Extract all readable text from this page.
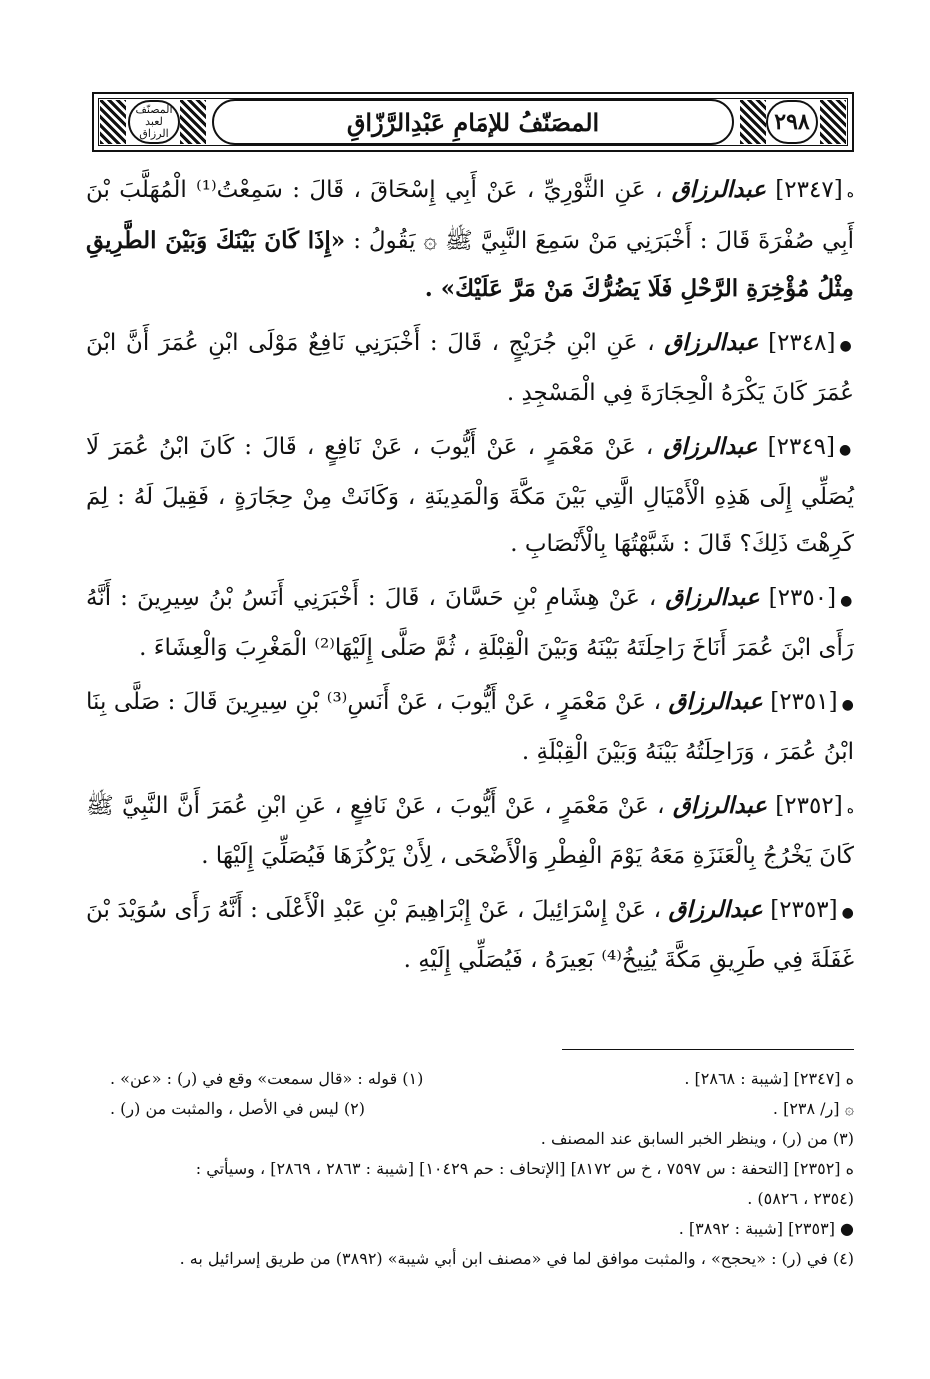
المصنّف لعبد الرزاق	المصَنّفُ للإمَامِ عَبْدِالرَّزّاقِ	٢٩٨

ه[٢٣٤٧] عبدالرزاق ، عَنِ الثَّوْرِيِّ ، عَنْ أَبِي إِسْحَاقَ ، قَالَ : سَمِعْتُ⁽¹⁾ الْمُهَلَّبَ بْنَ أَبِي صُفْرَةَ قَالَ : أَخْبَرَنِي مَنْ سَمِعَ النَّبِيَّ ﷺ ۞ يَقُولُ : «إِذَا كَانَ بَيْنَكَ وَبَيْنَ الطَّرِيقِ مِثْلُ مُؤْخِرَةِ الرَّحْلِ فَلَا يَضُرُّكَ مَنْ مَرَّ عَلَيْكَ» .

●[٢٣٤٨] عبدالرزاق ، عَنِ ابْنِ جُرَيْجٍ ، قَالَ : أَخْبَرَنِي نَافِعٌ مَوْلَى ابْنِ عُمَرَ أَنَّ ابْنَ عُمَرَ كَانَ يَكْرَهُ الْحِجَارَةَ فِي الْمَسْجِدِ .

●[٢٣٤٩] عبدالرزاق ، عَنْ مَعْمَرٍ ، عَنْ أَيُّوبَ ، عَنْ نَافِعٍ ، قَالَ : كَانَ ابْنُ عُمَرَ لَا يُصَلِّي إِلَى هَذِهِ الْأَمْيَالِ الَّتِي بَيْنَ مَكَّةَ وَالْمَدِينَةِ ، وَكَانَتْ مِنْ حِجَارَةٍ ، فَقِيلَ لَهُ : لِمَ كَرِهْتَ ذَلِكَ؟ قَالَ : شَبَّهْتُهَا بِالْأَنْصَابِ .

●[٢٣٥٠] عبدالرزاق ، عَنْ هِشَامِ بْنِ حَسَّانَ ، قَالَ : أَخْبَرَنِي أَنَسُ بْنُ سِيرِينَ : أَنَّهُ رَأَى ابْنَ عُمَرَ أَنَاخَ رَاحِلَتَهُ بَيْنَهُ وَبَيْنَ الْقِبْلَةِ ، ثُمَّ صَلَّى إِلَيْهَا⁽²⁾ الْمَغْرِبَ وَالْعِشَاءَ .

●[٢٣٥١] عبدالرزاق ، عَنْ مَعْمَرٍ ، عَنْ أَيُّوبَ ، عَنْ أَنَسِ⁽³⁾ بْنِ سِيرِينَ قَالَ : صَلَّى بِنَا ابْنُ عُمَرَ ، وَرَاحِلَتُهُ بَيْنَهُ وَبَيْنَ الْقِبْلَةِ .

ه[٢٣٥٢] عبدالرزاق ، عَنْ مَعْمَرٍ ، عَنْ أَيُّوبَ ، عَنْ نَافِعٍ ، عَنِ ابْنِ عُمَرَ أَنَّ النَّبِيَّ ﷺ كَانَ يَخْرُجُ بِالْعَنَزَةِ مَعَهُ يَوْمَ الْفِطْرِ وَالْأَضْحَى ، لِأَنْ يَرْكُزَهَا فَيُصَلِّيَ إِلَيْهَا .

●[٢٣٥٣] عبدالرزاق ، عَنْ إِسْرَائِيلَ ، عَنْ إِبْرَاهِيمَ بْنِ عَبْدِ الْأَعْلَى : أَنَّهُ رَأَى سُوَيْدَ بْنَ غَفَلَةَ فِي طَرِيقِ مَكَّةَ يُنِيخُ⁽⁴⁾ بَعِيرَهُ ، فَيُصَلِّي إِلَيْهِ .

ه [٢٣٤٧] [شيبة : ٢٨٦٨] .
(١) قوله : «قال سمعت» وقع في (ر) : «عن» .
۞ [ر/ ٢٣٨] .
(٢) ليس في الأصل ، والمثبت من (ر) .
(٣) من (ر) ، وينظر الخبر السابق عند المصنف .
ه [٢٣٥٢] [التحفة : س ٧٥٩٧ ، خ س ٨١٧٢] [الإتحاف : حم ١٠٤٢٩] [شيبة : ٢٨٦٣ ، ٢٨٦٩] ، وسيأتي :
(٢٣٥٤ ، ٥٨٢٦) .
● [٢٣٥٣] [شيبة : ٣٨٩٢] .
(٤) في (ر) : «يحجح» ، والمثبت موافق لما في «مصنف ابن أبي شيبة» (٣٨٩٢) من طريق إسرائيل به .
